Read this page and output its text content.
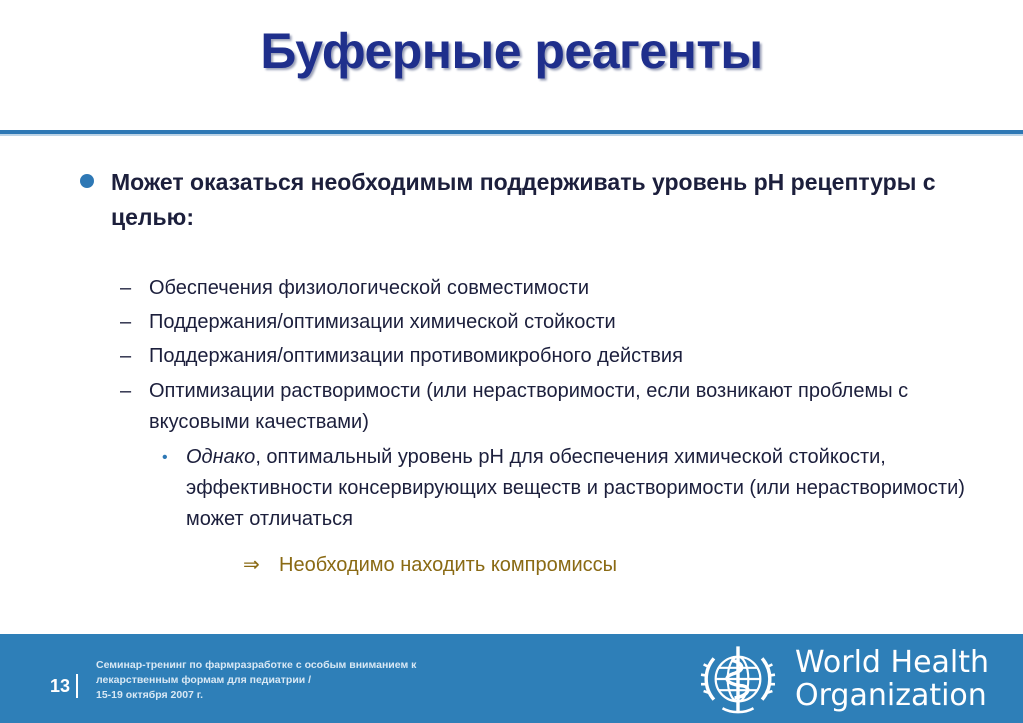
Буферные реагенты
Может оказаться необходимым поддерживать уровень рН рецептуры с целью:
– Обеспечения физиологической совместимости
– Поддержания/оптимизации химической стойкости
– Поддержания/оптимизации противомикробного действия
– Оптимизации растворимости (или нерастворимости, если возникают проблемы с вкусовыми качествами)
• Однако, оптимальный уровень рН для обеспечения химической стойкости, эффективности консервирующих веществ и растворимости (или нерастворимости) может отличаться
⇒ Необходимо находить компромиссы
13
Семинар-тренинг по фармразработке с особым вниманием к
лекарственным формам для педиатрии /
15-19 октября 2007 г.
World Health
Organization
